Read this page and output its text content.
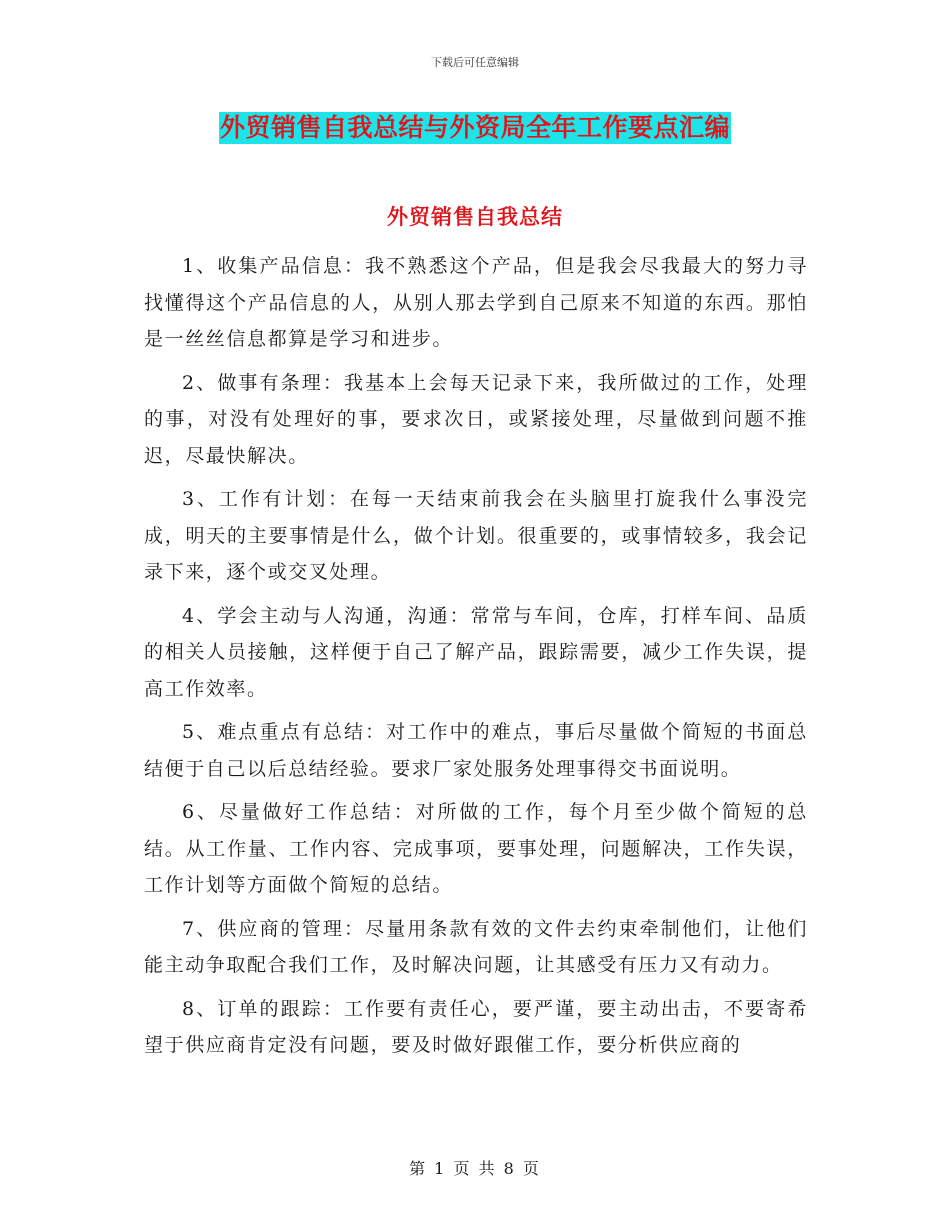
下载后可任意编辑
外贸销售自我总结与外资局全年工作要点汇编
外贸销售自我总结

1、收集产品信息：我不熟悉这个产品，但是我会尽我最大的努力寻找懂得这个产品信息的人，从别人那去学到自己原来不知道的东西。那怕是一丝丝信息都算是学习和进步。

2、做事有条理：我基本上会每天记录下来，我所做过的工作，处理的事，对没有处理好的事，要求次日，或紧接处理，尽量做到问题不推迟，尽最快解决。

3、工作有计划：在每一天结束前我会在头脑里打旋我什么事没完成，明天的主要事情是什么，做个计划。很重要的，或事情较多，我会记录下来，逐个或交叉处理。

4、学会主动与人沟通，沟通：常常与车间，仓库，打样车间、品质的相关人员接触，这样便于自己了解产品，跟踪需要，减少工作失误，提高工作效率。

5、难点重点有总结：对工作中的难点，事后尽量做个简短的书面总结便于自己以后总结经验。要求厂家处服务处理事得交书面说明。

6、尽量做好工作总结：对所做的工作，每个月至少做个简短的总结。从工作量、工作内容、完成事项，要事处理，问题解决，工作失误，工作计划等方面做个简短的总结。

7、供应商的管理：尽量用条款有效的文件去约束牵制他们，让他们能主动争取配合我们工作，及时解决问题，让其感受有压力又有动力。

8、订单的跟踪：工作要有责任心，要严谨，要主动出击，不要寄希望于供应商肯定没有问题，要及时做好跟催工作，要分析供应商的

第 1 页 共 8 页
